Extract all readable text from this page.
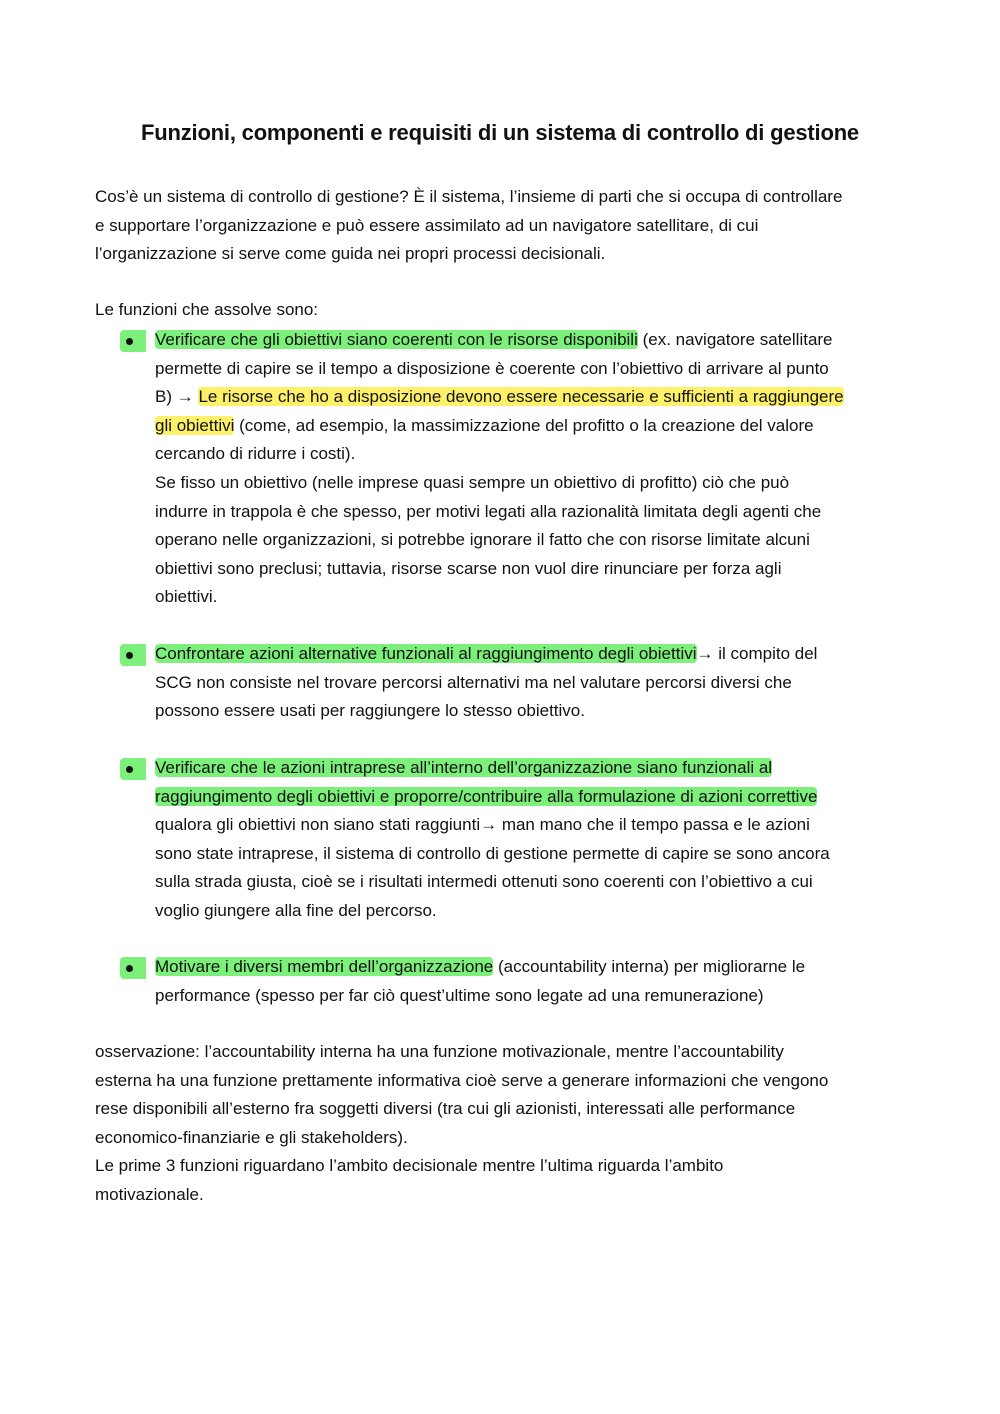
Funzioni, componenti e requisiti di un sistema di controllo di gestione
Cos’è un sistema di controllo di gestione? È il sistema, l’insieme di parti che si occupa di controllare
e supportare l’organizzazione e può essere assimilato ad un navigatore satellitare, di cui
l’organizzazione si serve come guida nei propri processi decisionali.
Le funzioni che assolve sono:
Verificare che gli obiettivi siano coerenti con le risorse disponibili (ex. navigatore satellitare
permette di capire se il tempo a disposizione è coerente con l’obiettivo di arrivare al punto
B) → Le risorse che ho a disposizione devono essere necessarie e sufficienti a raggiungere
gli obiettivi (come, ad esempio, la massimizzazione del profitto o la creazione del valore
cercando di ridurre i costi).
Se fisso un obiettivo (nelle imprese quasi sempre un obiettivo di profitto) ciò che può
indurre in trappola è che spesso, per motivi legati alla razionalità limitata degli agenti che
operano nelle organizzazioni, si potrebbe ignorare il fatto che con risorse limitate alcuni
obiettivi sono preclusi; tuttavia, risorse scarse non vuol dire rinunciare per forza agli
obiettivi.
Confrontare azioni alternative funzionali al raggiungimento degli obiettivi→ il compito del
SCG non consiste nel trovare percorsi alternativi ma nel valutare percorsi diversi che
possono essere usati per raggiungere lo stesso obiettivo.
Verificare che le azioni intraprese all’interno dell’organizzazione siano funzionali al
raggiungimento degli obiettivi e proporre/contribuire alla formulazione di azioni correttive
qualora gli obiettivi non siano stati raggiunti→ man mano che il tempo passa e le azioni
sono state intraprese, il sistema di controllo di gestione permette di capire se sono ancora
sulla strada giusta, cioè se i risultati intermedi ottenuti sono coerenti con l’obiettivo a cui
voglio giungere alla fine del percorso.
Motivare i diversi membri dell’organizzazione (accountability interna) per migliorarne le
performance (spesso per far ciò quest’ultime sono legate ad una remunerazione)
osservazione: l’accountability interna ha una funzione motivazionale, mentre l’accountability
esterna ha una funzione prettamente informativa cioè serve a generare informazioni che vengono
rese disponibili all’esterno fra soggetti diversi (tra cui gli azionisti, interessati alle performance
economico-finanziarie e gli stakeholders).
Le prime 3 funzioni riguardano l’ambito decisionale mentre l’ultima riguarda l’ambito
motivazionale.
